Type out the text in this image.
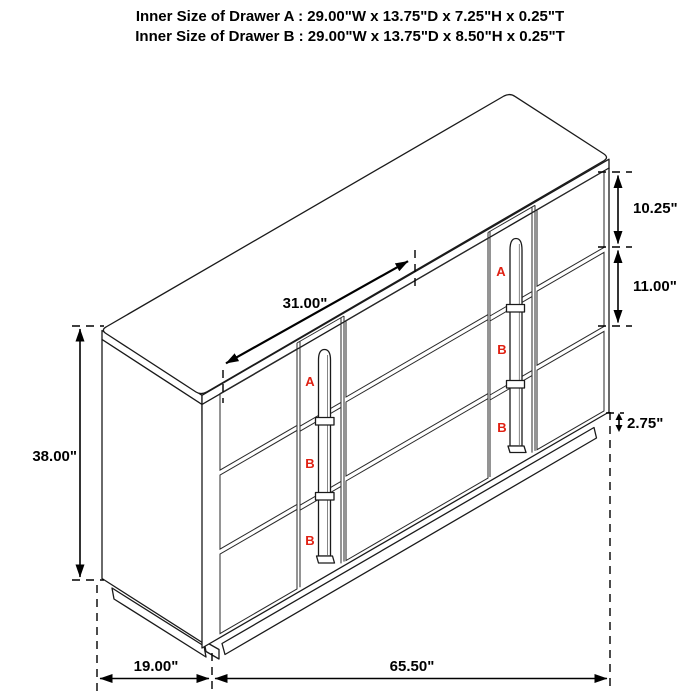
Inner Size of Drawer A : 29.00"W x 13.75"D x 7.25"H x 0.25"T
Inner Size of Drawer B : 29.00"W x 13.75"D x 8.50"H x 0.25"T
A
B
B
A
B
B
38.00"
10.25"
11.00"
2.75"
19.00"	65.50"
31.00"
